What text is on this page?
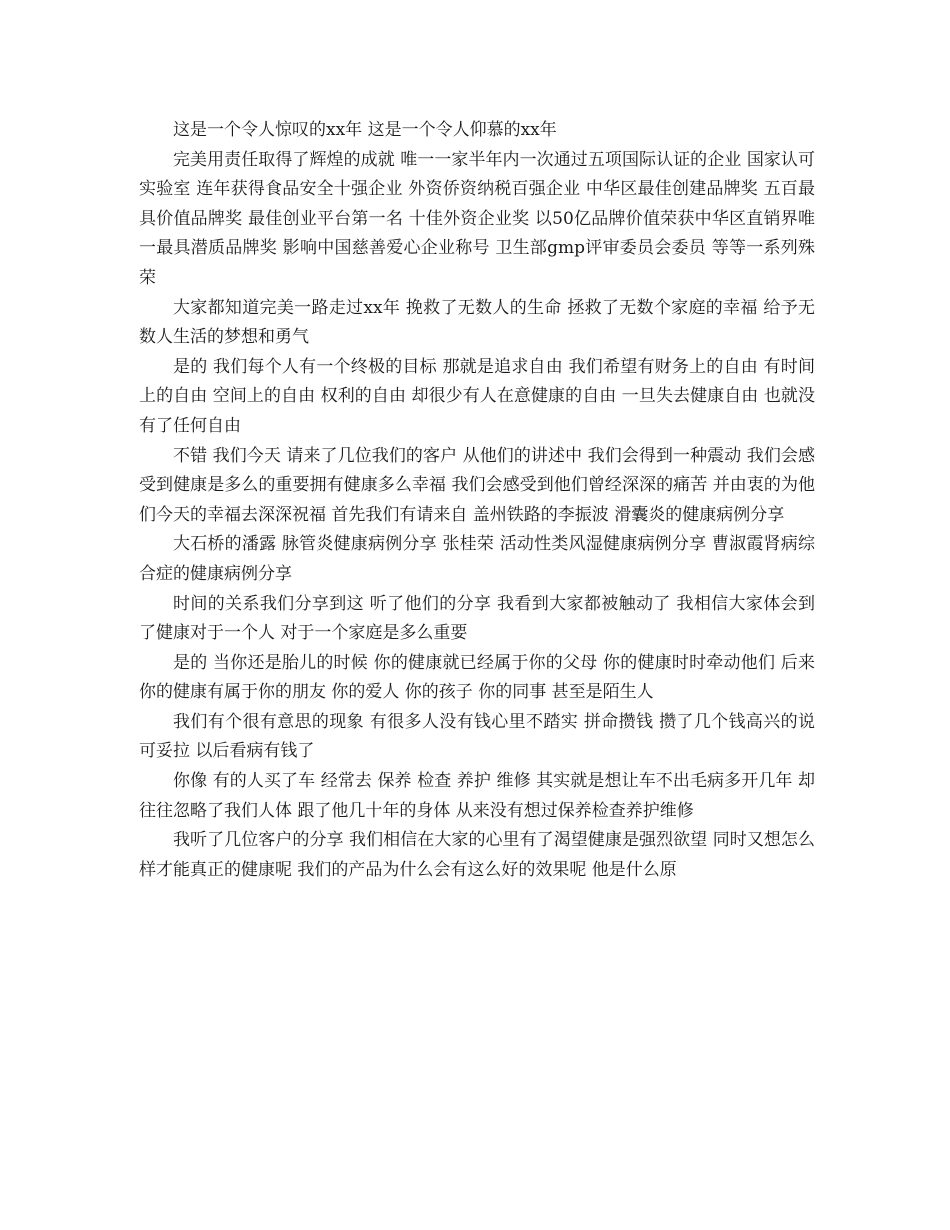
这是一个令人惊叹的xx年 这是一个令人仰慕的xx年

完美用责任取得了辉煌的成就 唯一一家半年内一次通过五项国际认证的企业 国家认可实验室 连年获得食品安全十强企业 外资侨资纳税百强企业 中华区最佳创建品牌奖 五百最具价值品牌奖 最佳创业平台第一名 十佳外资企业奖 以50亿品牌价值荣获中华区直销界唯一最具潜质品牌奖 影响中国慈善爱心企业称号 卫生部gmp评审委员会委员 等等一系列殊荣

大家都知道完美一路走过xx年 挽救了无数人的生命 拯救了无数个家庭的幸福 给予无数人生活的梦想和勇气

是的 我们每个人有一个终极的目标 那就是追求自由 我们希望有财务上的自由 有时间上的自由 空间上的自由 权利的自由 却很少有人在意健康的自由 一旦失去健康自由 也就没有了任何自由

不错 我们今天 请来了几位我们的客户 从他们的讲述中 我们会得到一种震动 我们会感受到健康是多么的重要拥有健康多么幸福 我们会感受到他们曾经深深的痛苦 并由衷的为他们今天的幸福去深深祝福 首先我们有请来自 盖州铁路的李振波 滑囊炎的健康病例分享

大石桥的潘露 脉管炎健康病例分享 张桂荣 活动性类风湿健康病例分享 曹淑霞肾病综合症的健康病例分享

时间的关系我们分享到这 听了他们的分享 我看到大家都被触动了 我相信大家体会到了健康对于一个人 对于一个家庭是多么重要

是的 当你还是胎儿的时候 你的健康就已经属于你的父母 你的健康时时牵动他们 后来你的健康有属于你的朋友 你的爱人 你的孩子 你的同事 甚至是陌生人

我们有个很有意思的现象 有很多人没有钱心里不踏实 拼命攒钱 攒了几个钱高兴的说 可妥拉 以后看病有钱了

你像 有的人买了车 经常去 保养 检查 养护 维修 其实就是想让车不出毛病多开几年 却往往忽略了我们人体 跟了他几十年的身体 从来没有想过保养检查养护维修

我听了几位客户的分享 我们相信在大家的心里有了渴望健康是强烈欲望 同时又想怎么样才能真正的健康呢 我们的产品为什么会有这么好的效果呢 他是什么原
